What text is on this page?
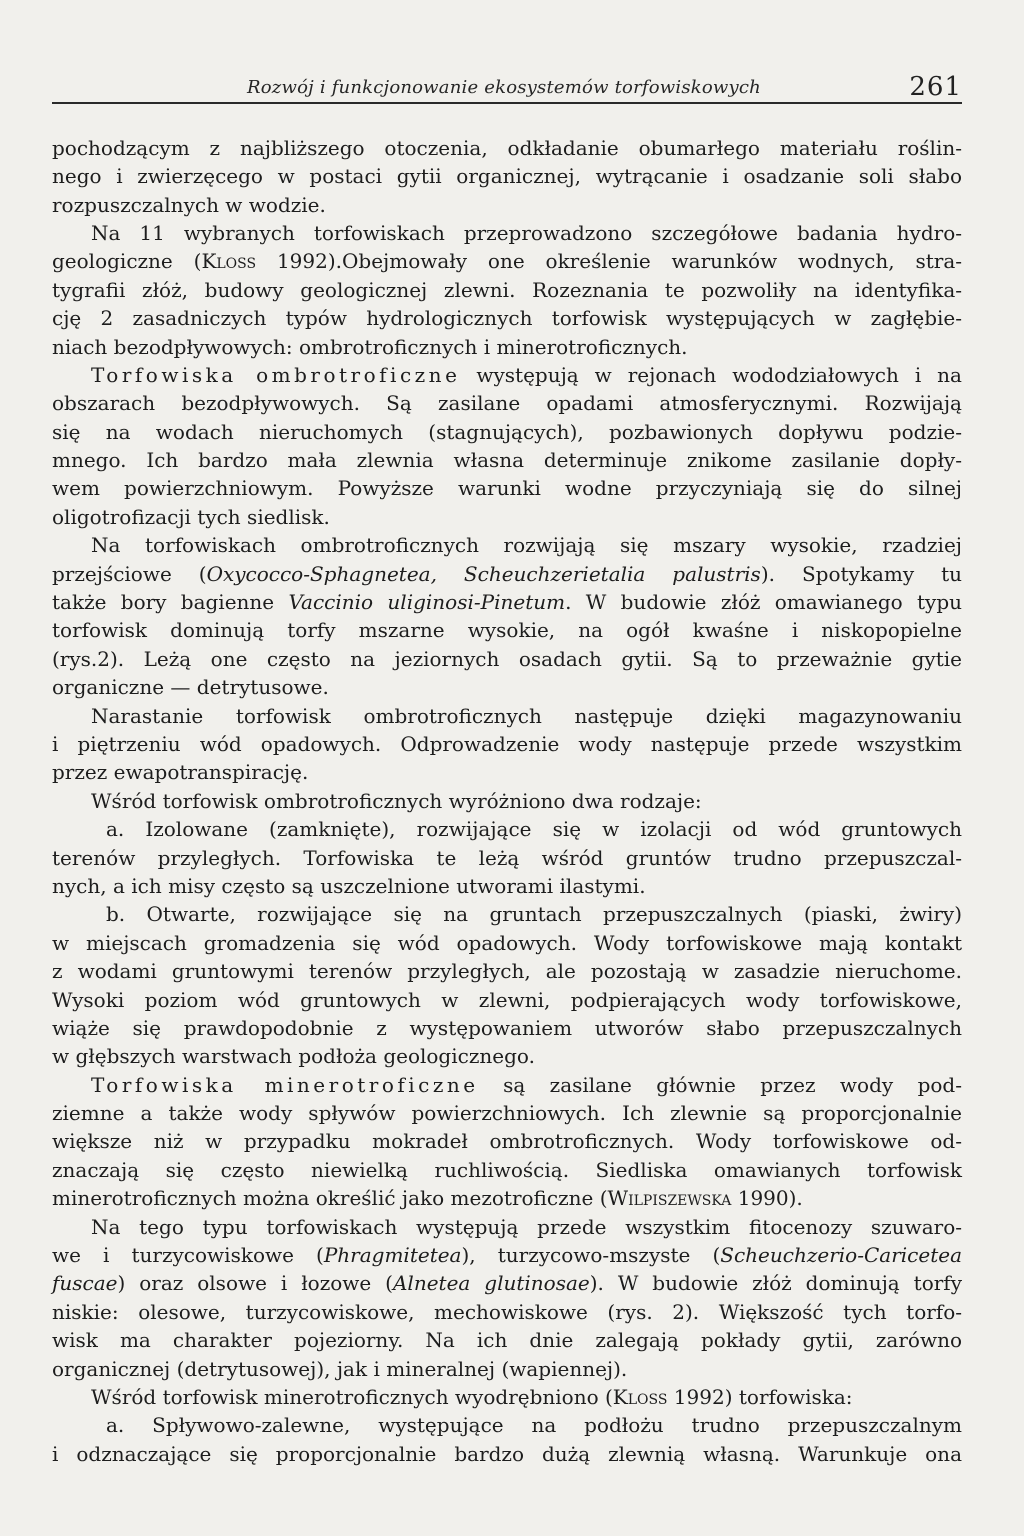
Rozwój i funkcjonowanie ekosystemów torfowiskowych	261
pochodzącym z najbliższego otoczenia, odkładanie obumarłego materiału roślin-
nego i zwierzęcego w postaci gytii organicznej, wytrącanie i osadzanie soli słabo
rozpuszczalnych w wodzie.
Na 11 wybranych torfowiskach przeprowadzono szczegółowe badania hydro-
geologiczne (Kloss 1992).Obejmowały one określenie warunków wodnych, stra-
tygrafii złóż, budowy geologicznej zlewni. Rozeznania te pozwoliły na identyfika-
cję 2 zasadniczych typów hydrologicznych torfowisk występujących w zagłębie-
niach bezodpływowych: ombrotroficznych i minerotroficznych.
Torfowiska ombrotroficzne występują w rejonach wododziałowych i na
obszarach bezodpływowych. Są zasilane opadami atmosferycznymi. Rozwijają
się na wodach nieruchomych (stagnujących), pozbawionych dopływu podzie-
mnego. Ich bardzo mała zlewnia własna determinuje znikome zasilanie dopły-
wem powierzchniowym. Powyższe warunki wodne przyczyniają się do silnej
oligotrofizacji tych siedlisk.
Na torfowiskach ombrotroficznych rozwijają się mszary wysokie, rzadziej
przejściowe (Oxycocco-Sphagnetea, Scheuchzerietalia palustris). Spotykamy tu
także bory bagienne Vaccinio uliginosi-Pinetum. W budowie złóż omawianego typu
torfowisk dominują torfy mszarne wysokie, na ogół kwaśne i niskopopielne
(rys.2). Leżą one często na jeziornych osadach gytii. Są to przeważnie gytie
organiczne — detrytusowe.
Narastanie torfowisk ombrotroficznych następuje dzięki magazynowaniu
i piętrzeniu wód opadowych. Odprowadzenie wody następuje przede wszystkim
przez ewapotranspirację.
Wśród torfowisk ombrotroficznych wyróżniono dwa rodzaje:
a. Izolowane (zamknięte), rozwijające się w izolacji od wód gruntowych
terenów przyległych. Torfowiska te leżą wśród gruntów trudno przepuszczal-
nych, a ich misy często są uszczelnione utworami ilastymi.
b. Otwarte, rozwijające się na gruntach przepuszczalnych (piaski, żwiry)
w miejscach gromadzenia się wód opadowych. Wody torfowiskowe mają kontakt
z wodami gruntowymi terenów przyległych, ale pozostają w zasadzie nieruchome.
Wysoki poziom wód gruntowych w zlewni, podpierających wody torfowiskowe,
wiąże się prawdopodobnie z występowaniem utworów słabo przepuszczalnych
w głębszych warstwach podłoża geologicznego.
Torfowiska minerotroficzne są zasilane głównie przez wody pod-
ziemne a także wody spływów powierzchniowych. Ich zlewnie są proporcjonalnie
większe niż w przypadku mokradeł ombrotroficznych. Wody torfowiskowe od-
znaczają się często niewielką ruchliwością. Siedliska omawianych torfowisk
minerotroficznych można określić jako mezotroficzne (Wilpiszewska 1990).
Na tego typu torfowiskach występują przede wszystkim fitocenozy szuwaro-
we i turzycowiskowe (Phragmitetea), turzycowo-mszyste (Scheuchzerio-Caricetea
fuscae) oraz olsowe i łozowe (Alnetea glutinosae). W budowie złóż dominują torfy
niskie: olesowe, turzycowiskowe, mechowiskowe (rys. 2). Większość tych torfo-
wisk ma charakter pojeziorny. Na ich dnie zalegają pokłady gytii, zarówno
organicznej (detrytusowej), jak i mineralnej (wapiennej).
Wśród torfowisk minerotroficznych wyodrębniono (Kloss 1992) torfowiska:
a. Spływowo-zalewne, występujące na podłożu trudno przepuszczalnym
i odznaczające się proporcjonalnie bardzo dużą zlewnią własną. Warunkuje ona
